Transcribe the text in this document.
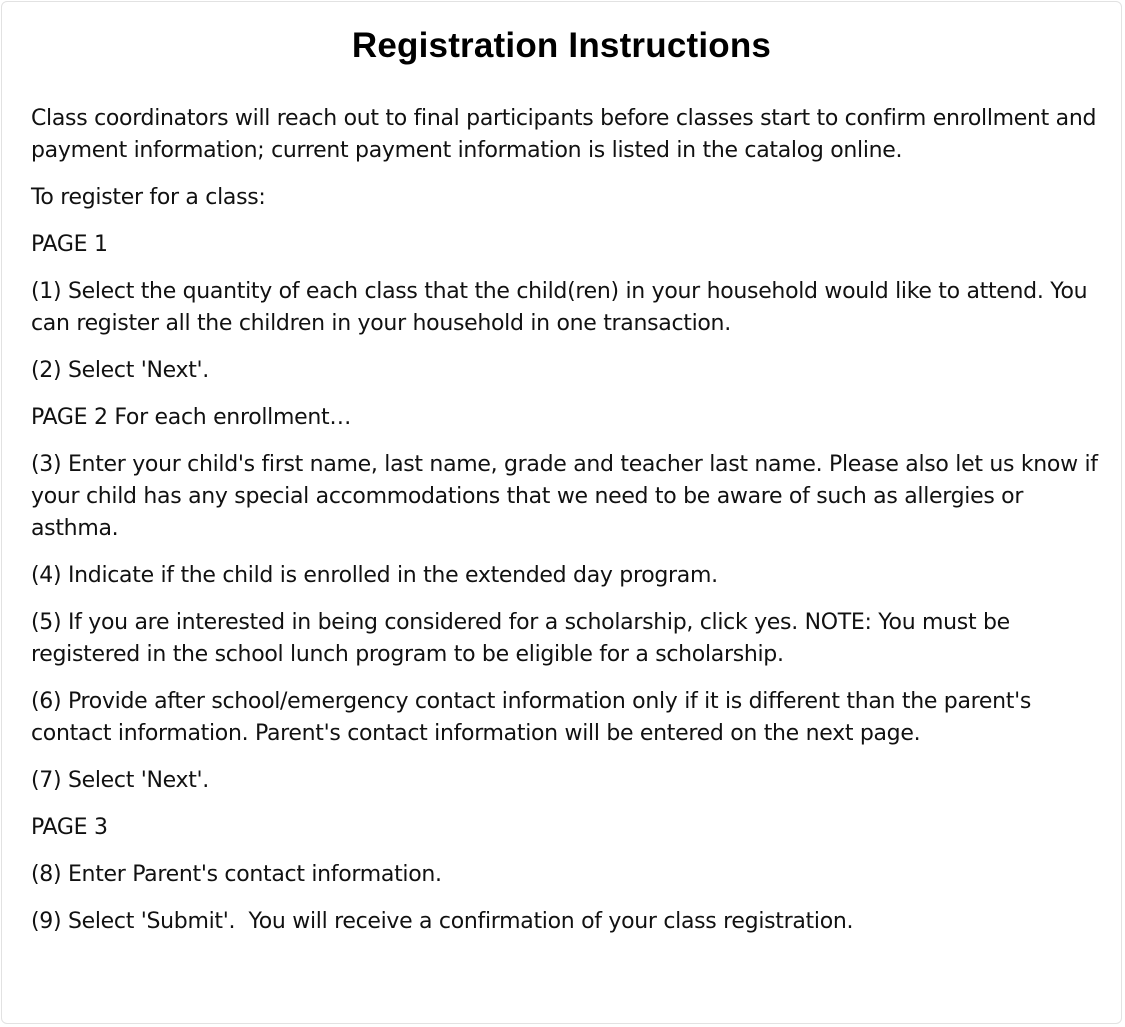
Registration Instructions

Class coordinators will reach out to final participants before classes start to confirm enrollment and payment information; current payment information is listed in the catalog online.

To register for a class:

PAGE 1

(1) Select the quantity of each class that the child(ren) in your household would like to attend. You can register all the children in your household in one transaction.

(2) Select 'Next'.

PAGE 2 For each enrollment…

(3) Enter your child's first name, last name, grade and teacher last name. Please also let us know if your child has any special accommodations that we need to be aware of such as allergies or asthma.

(4) Indicate if the child is enrolled in the extended day program.

(5) If you are interested in being considered for a scholarship, click yes. NOTE: You must be registered in the school lunch program to be eligible for a scholarship.

(6) Provide after school/emergency contact information only if it is different than the parent's contact information. Parent's contact information will be entered on the next page.

(7) Select 'Next'.

PAGE 3

(8) Enter Parent's contact information.

(9) Select 'Submit'.  You will receive a confirmation of your class registration.
